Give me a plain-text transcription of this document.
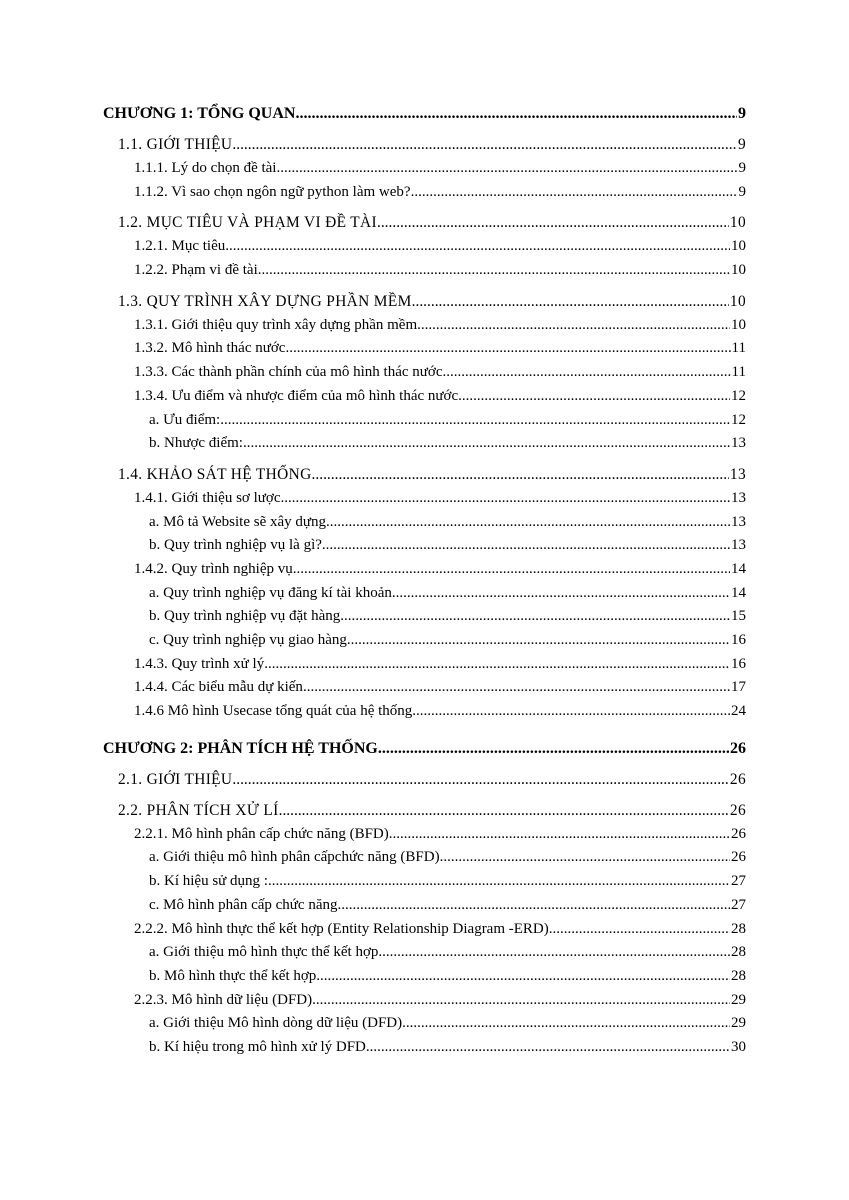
CHƯƠNG 1: TỔNG QUAN .....	9
1.1. GIỚI THIỆU .....	9
1.1.1. Lý do chọn đề tài .....	9
1.1.2. Vì sao chọn ngôn ngữ python làm web? .....	9
1.2. MỤC TIÊU VÀ PHẠM VI ĐỀ TÀI .....	10
1.2.1. Mục tiêu .....	10
1.2.2. Phạm vi đề tài .....	10
1.3. QUY TRÌNH XÂY DỰNG PHẦN MỀM .....	10
1.3.1. Giới thiệu quy trình xây dựng phần mềm .....	10
1.3.2. Mô hình thác nước .....	11
1.3.3. Các thành phần chính của mô hình thác nước .....	11
1.3.4. Ưu điểm và nhược điểm của mô hình thác nước .....	12
a. Ưu điểm: .....	12
b. Nhược điểm: .....	13
1.4. KHẢO SÁT HỆ THỐNG .....	13
1.4.1. Giới thiệu sơ lược .....	13
a. Mô tả Website sẽ xây dựng .....	13
b. Quy trình nghiệp vụ là gì? .....	13
1.4.2. Quy trình nghiệp vụ .....	14
a. Quy trình nghiệp vụ đăng kí tài khoản .....	14
b. Quy trình nghiệp vụ đặt hàng .....	15
c. Quy trình nghiệp vụ giao hàng .....	16
1.4.3. Quy trình xử lý .....	16
1.4.4. Các biểu mẫu dự kiến .....	17
1.4.6 Mô hình Usecase tổng quát của hệ thống .....	24
CHƯƠNG 2: PHÂN TÍCH HỆ THỐNG .....	26
2.1. GIỚI THIỆU .....	26
2.2. PHÂN TÍCH XỬ LÍ .....	26
2.2.1. Mô hình phân cấp chức năng (BFD) .....	26
a. Giới thiệu mô hình phân cấpchức năng (BFD) .....	26
b. Kí hiệu sử dụng : .....	27
c. Mô hình phân cấp chức năng .....	27
2.2.2. Mô hình thực thể kết hợp (Entity Relationship Diagram -ERD) .....	28
a. Giới thiệu mô hình thực thể kết hợp .....	28
b. Mô hình thực thể kết hợp .....	28
2.2.3. Mô hình dữ liệu (DFD) .....	29
a. Giới thiệu Mô hình dòng dữ liệu (DFD) .....	29
b. Kí hiệu trong mô hình xử lý DFD .....	30
